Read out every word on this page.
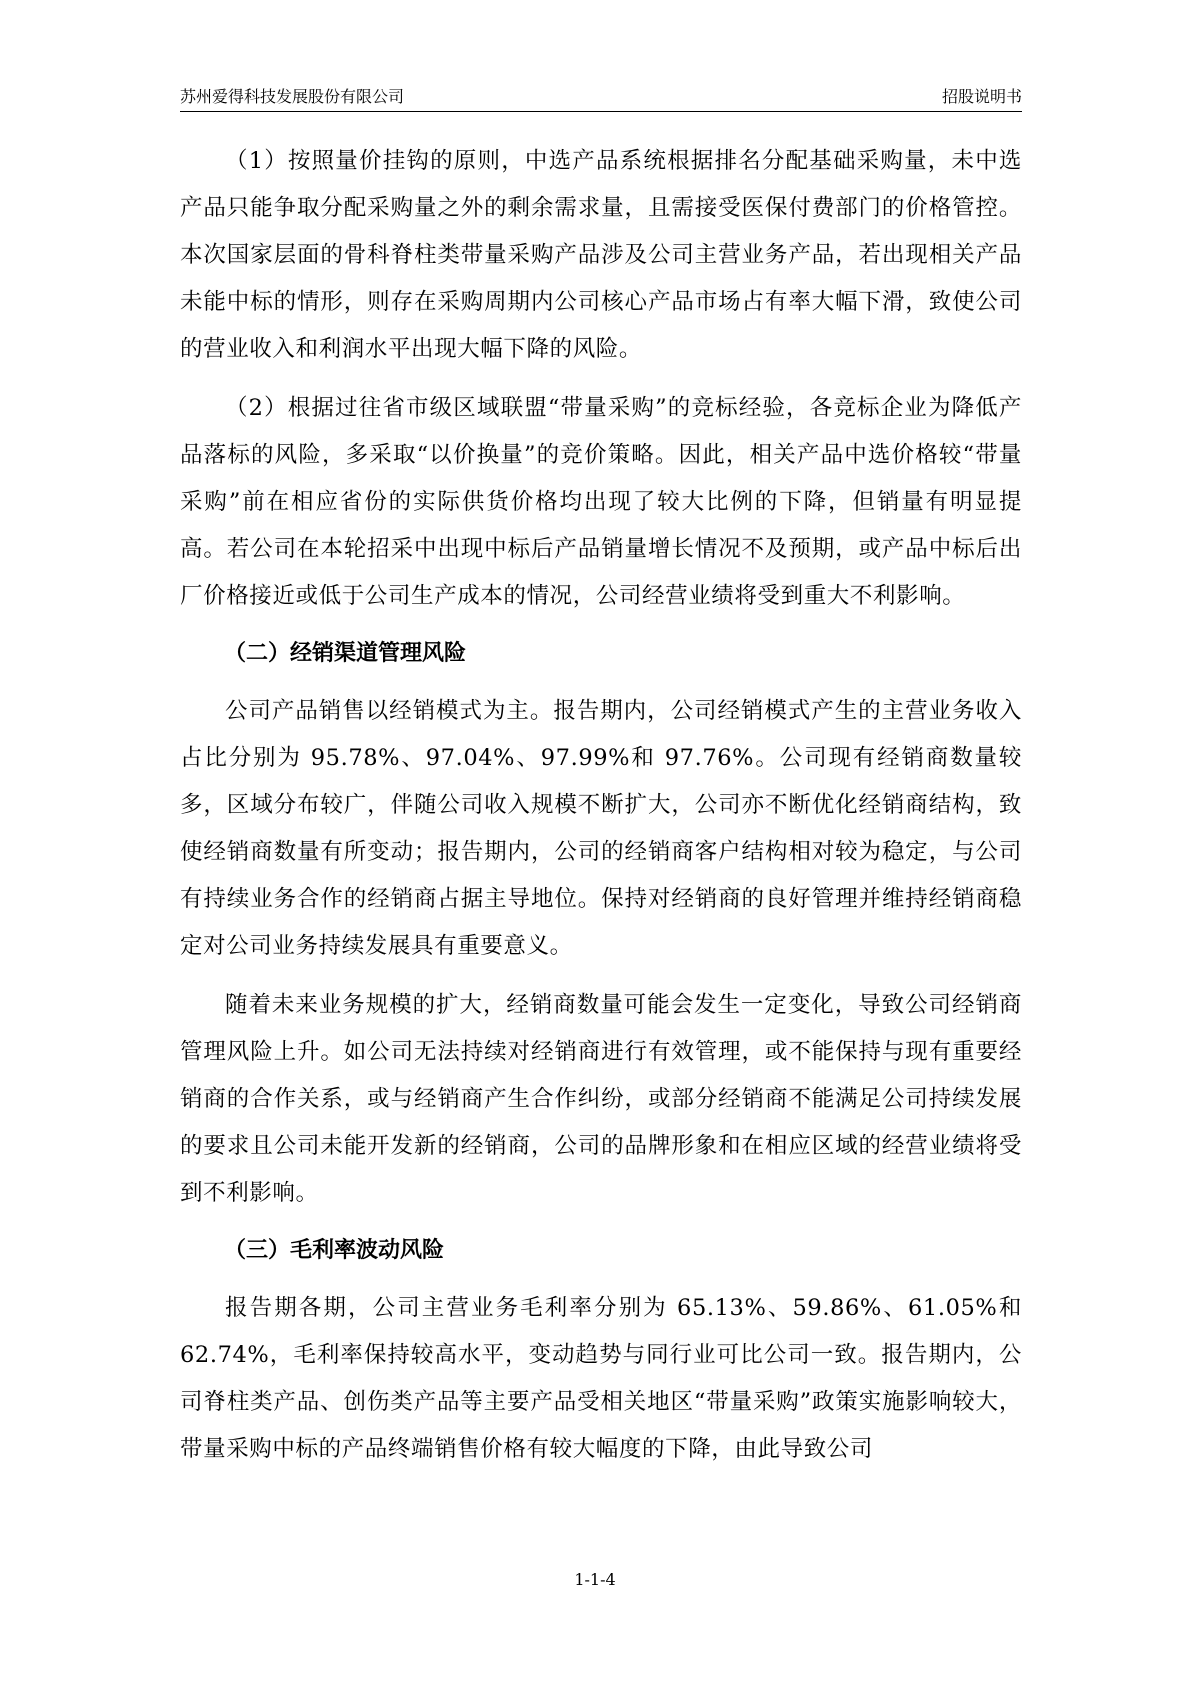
苏州爱得科技发展股份有限公司	招股说明书

（1）按照量价挂钩的原则，中选产品系统根据排名分配基础采购量，未中选产品只能争取分配采购量之外的剩余需求量，且需接受医保付费部门的价格管控。本次国家层面的骨科脊柱类带量采购产品涉及公司主营业务产品，若出现相关产品未能中标的情形，则存在采购周期内公司核心产品市场占有率大幅下滑，致使公司的营业收入和利润水平出现大幅下降的风险。

（2）根据过往省市级区域联盟“带量采购”的竞标经验，各竞标企业为降低产品落标的风险，多采取“以价换量”的竞价策略。因此，相关产品中选价格较“带量采购”前在相应省份的实际供货价格均出现了较大比例的下降，但销量有明显提高。若公司在本轮招采中出现中标后产品销量增长情况不及预期，或产品中标后出厂价格接近或低于公司生产成本的情况，公司经营业绩将受到重大不利影响。

（二）经销渠道管理风险

公司产品销售以经销模式为主。报告期内，公司经销模式产生的主营业务收入占比分别为 95.78%、97.04%、97.99%和 97.76%。公司现有经销商数量较多，区域分布较广，伴随公司收入规模不断扩大，公司亦不断优化经销商结构，致使经销商数量有所变动；报告期内，公司的经销商客户结构相对较为稳定，与公司有持续业务合作的经销商占据主导地位。保持对经销商的良好管理并维持经销商稳定对公司业务持续发展具有重要意义。

随着未来业务规模的扩大，经销商数量可能会发生一定变化，导致公司经销商管理风险上升。如公司无法持续对经销商进行有效管理，或不能保持与现有重要经销商的合作关系，或与经销商产生合作纠纷，或部分经销商不能满足公司持续发展的要求且公司未能开发新的经销商，公司的品牌形象和在相应区域的经营业绩将受到不利影响。

（三）毛利率波动风险

报告期各期，公司主营业务毛利率分别为 65.13%、59.86%、61.05%和 62.74%，毛利率保持较高水平，变动趋势与同行业可比公司一致。报告期内，公司脊柱类产品、创伤类产品等主要产品受相关地区“带量采购”政策实施影响较大，带量采购中标的产品终端销售价格有较大幅度的下降，由此导致公司

1-1-4
